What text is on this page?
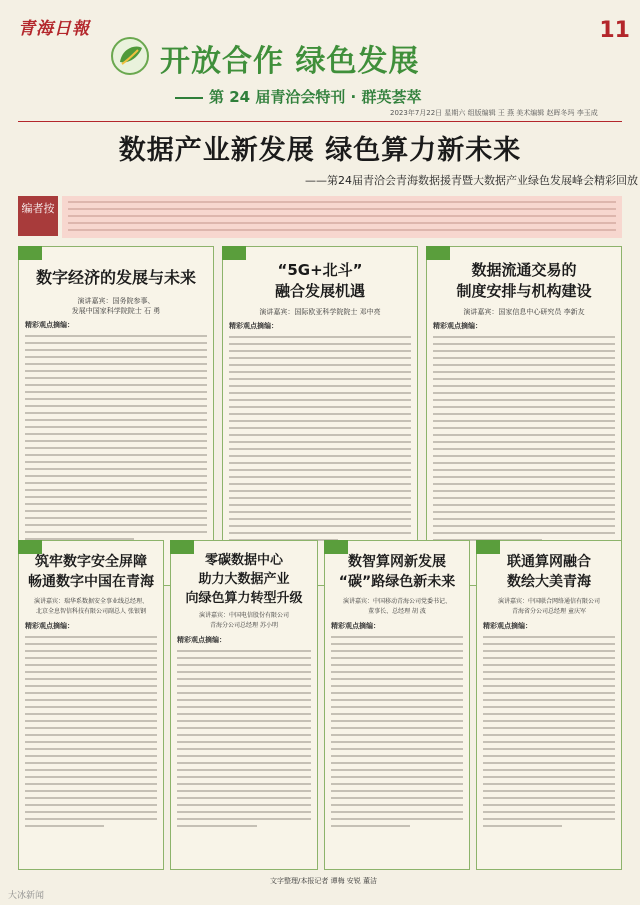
青海日報	11
开放合作 绿色发展
第 24 届青洽会特刊 · 群英荟萃
2023年7月22日 星期六 组版编辑 王 燕 美术编辑 赵晖冬玛 李玉成
数据产业新发展 绿色算力新未来
——第24届青洽会青海数据援青暨大数据产业绿色发展峰会精彩回放
编者按
数字经济的发展与未来
演讲嘉宾：国务院参事、
发展中国家科学院院士 石 勇
精彩观点摘编：
“5G+北斗”
融合发展机遇
演讲嘉宾：国际欧亚科学院院士 邓中亮
精彩观点摘编：
数据流通交易的
制度安排与机构建设
演讲嘉宾：国家信息中心研究员 李新友
精彩观点摘编：
筑牢数字安全屏障
畅通数字中国在青海
演讲嘉宾：瑞华系数据安全事业线总经理、
北京全息智信科技有限公司副总人 张银钢
精彩观点摘编：
零碳数据中心
助力大数据产业
向绿色算力转型升级
演讲嘉宾：中国电信股份有限公司
青海分公司总经理 苏小明
精彩观点摘编：
数智算网新发展
“碳”路绿色新未来
演讲嘉宾：中国移动青海公司党委书记、
董事长、总经理 胡 波
精彩观点摘编：
联通算网融合
数绘大美青海
演讲嘉宾：中国联合网络通信有限公司
青海省分公司总经理 童庆军
精彩观点摘编：
文字整理/本报记者 谭梅 安锐 董洁
大冰新闻
